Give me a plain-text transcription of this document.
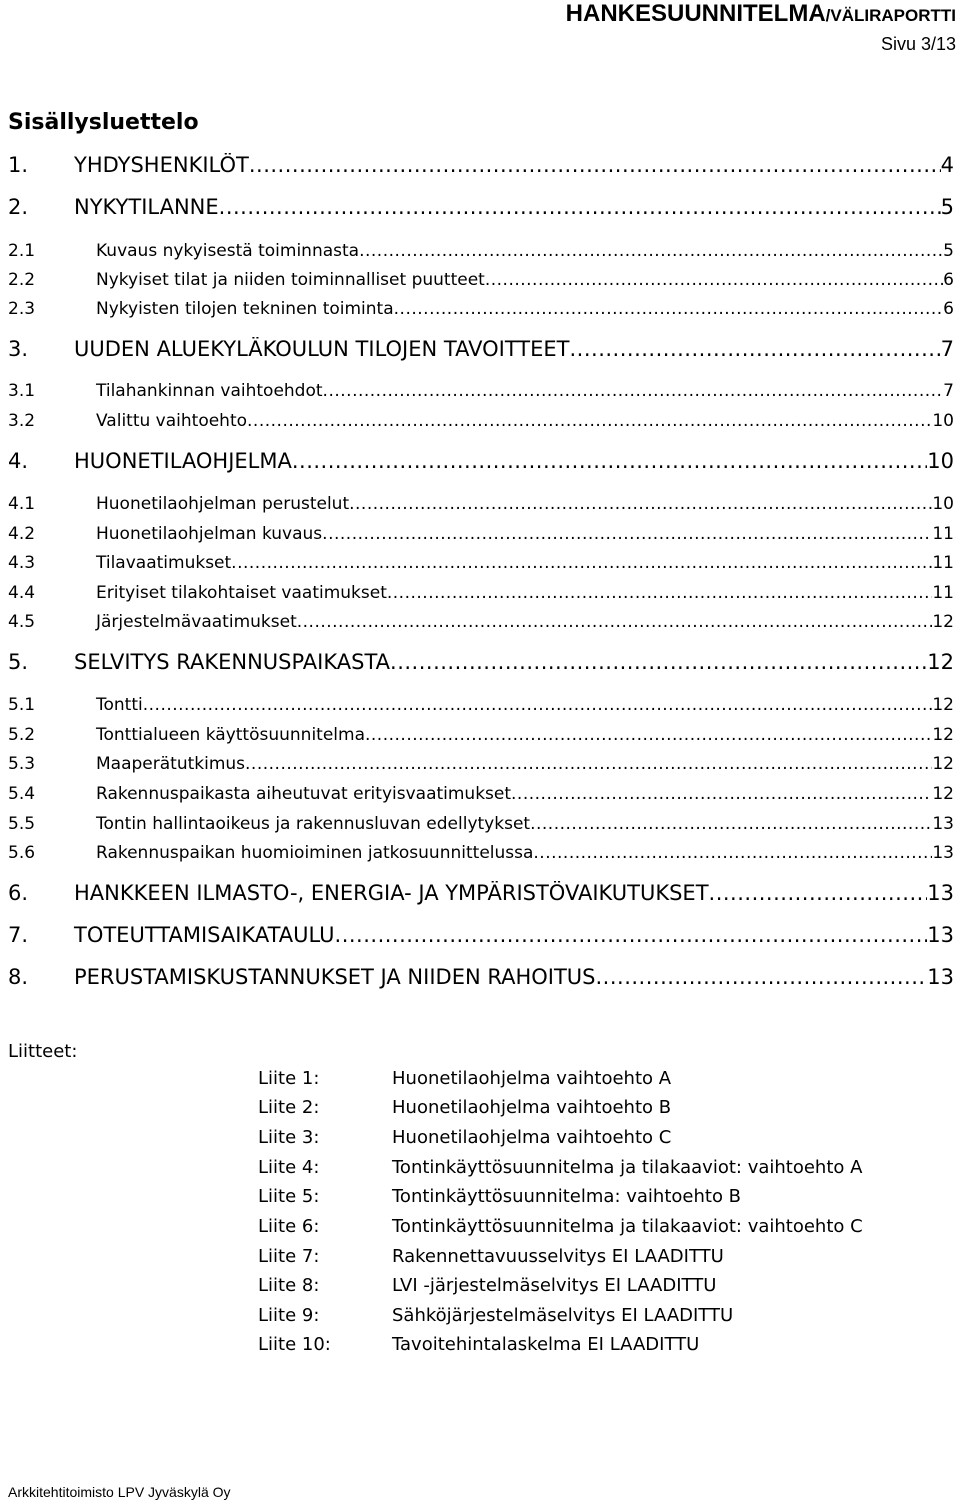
HANKESUUNNITELMA/VÄLIRAPORTTI
Sivu 3/13
Sisällysluettelo
1.	YHDYSHENKILÖT .....	4
2.	NYKYTILANNE .....	5
2.1	Kuvaus nykyisestä toiminnasta .....	5
2.2	Nykyiset tilat ja niiden toiminnalliset puutteet .....	6
2.3	Nykyisten tilojen tekninen toiminta .....	6
3.	UUDEN ALUEKYLÄKOULUN TILOJEN TAVOITTEET .....	7
3.1	Tilahankinnan vaihtoehdot .....	7
3.2	Valittu vaihtoehto .....	10
4.	HUONETILAOHJELMA .....	10
4.1	Huonetilaohjelman perustelut .....	10
4.2	Huonetilaohjelman kuvaus .....	11
4.3	Tilavaatimukset .....	11
4.4	Erityiset tilakohtaiset vaatimukset .....	11
4.5	Järjestelmävaatimukset .....	12
5.	SELVITYS RAKENNUSPAIKASTA .....	12
5.1	Tontti .....	12
5.2	Tonttialueen käyttösuunnitelma .....	12
5.3	Maaperätutkimus .....	12
5.4	Rakennuspaikasta aiheutuvat erityisvaatimukset .....	12
5.5	Tontin hallintaoikeus ja rakennusluvan edellytykset .....	13
5.6	Rakennuspaikan huomioiminen jatkosuunnittelussa .....	13
6.	HANKKEEN ILMASTO-, ENERGIA- JA YMPÄRISTÖVAIKUTUKSET .....	13
7.	TOTEUTTAMISAIKATAULU .....	13
8.	PERUSTAMISKUSTANNUKSET JA NIIDEN RAHOITUS .....	13
Liitteet:
Liite 1:	Huonetilaohjelma vaihtoehto A
Liite 2:	Huonetilaohjelma vaihtoehto B
Liite 3:	Huonetilaohjelma vaihtoehto C
Liite 4:	Tontinkäyttösuunnitelma ja tilakaaviot: vaihtoehto A
Liite 5:	Tontinkäyttösuunnitelma: vaihtoehto B
Liite 6:	Tontinkäyttösuunnitelma ja tilakaaviot: vaihtoehto C
Liite 7:	Rakennettavuusselvitys EI LAADITTU
Liite 8:	LVI -järjestelmäselvitys EI LAADITTU
Liite 9:	Sähköjärjestelmäselvitys EI LAADITTU
Liite 10:	Tavoitehintalaskelma EI LAADITTU
Arkkitehtitoimisto LPV Jyväskylä Oy
